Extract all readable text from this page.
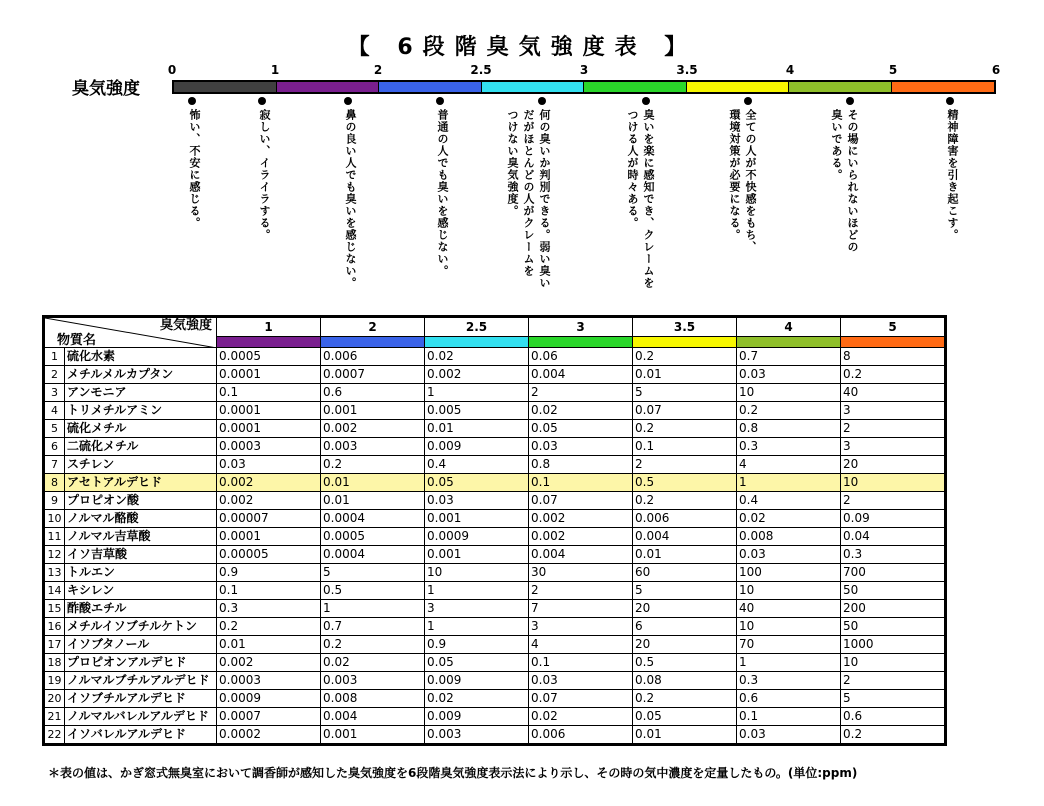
【 6段階臭気強度表 】
臭気強度
0	1	2	2.5	3	3.5	4	5	6
怖い、不安に感じる。	寂しい、イライラする。	鼻の良い人でも臭いを感じない。	普通の人でも臭いを感じない。	何の臭いか判別できる。弱い臭い
だがほとんどの人がクレームを
つけない臭気強度。	臭いを楽に感知でき、クレームを
つける人が時々ある。	全ての人が不快感をもち、
環境対策が必要になる。	その場にいられないほどの
臭いである。	精神障害を引き起こす。
臭気強度
物質名		1	2	2.5	3	3.5	4	5

1	硫化水素	0.0005	0.006	0.02	0.06	0.2	0.7	8
2	メチルメルカプタン	0.0001	0.0007	0.002	0.004	0.01	0.03	0.2
3	アンモニア	0.1	0.6	1	2	5	10	40
4	トリメチルアミン	0.0001	0.001	0.005	0.02	0.07	0.2	3
5	硫化メチル	0.0001	0.002	0.01	0.05	0.2	0.8	2
6	二硫化メチル	0.0003	0.003	0.009	0.03	0.1	0.3	3
7	スチレン	0.03	0.2	0.4	0.8	2	4	20
8	アセトアルデヒド	0.002	0.01	0.05	0.1	0.5	1	10
9	プロピオン酸	0.002	0.01	0.03	0.07	0.2	0.4	2
10	ノルマル酪酸	0.00007	0.0004	0.001	0.002	0.006	0.02	0.09
11	ノルマル吉草酸	0.0001	0.0005	0.0009	0.002	0.004	0.008	0.04
12	イソ吉草酸	0.00005	0.0004	0.001	0.004	0.01	0.03	0.3
13	トルエン	0.9	5	10	30	60	100	700
14	キシレン	0.1	0.5	1	2	5	10	50
15	酢酸エチル	0.3	1	3	7	20	40	200
16	メチルイソブチルケトン	0.2	0.7	1	3	6	10	50
17	イソブタノール	0.01	0.2	0.9	4	20	70	1000
18	プロピオンアルデヒド	0.002	0.02	0.05	0.1	0.5	1	10
19	ノルマルブチルアルデヒド	0.0003	0.003	0.009	0.03	0.08	0.3	2
20	イソブチルアルデヒド	0.0009	0.008	0.02	0.07	0.2	0.6	5
21	ノルマルバレルアルデヒド	0.0007	0.004	0.009	0.02	0.05	0.1	0.6
22	イソバレルアルデヒド	0.0002	0.001	0.003	0.006	0.01	0.03	0.2
＊表の値は、かぎ窓式無臭室において調香師が感知した臭気強度を6段階臭気強度表示法により示し、その時の気中濃度を定量したもの。(単位:ppm)
